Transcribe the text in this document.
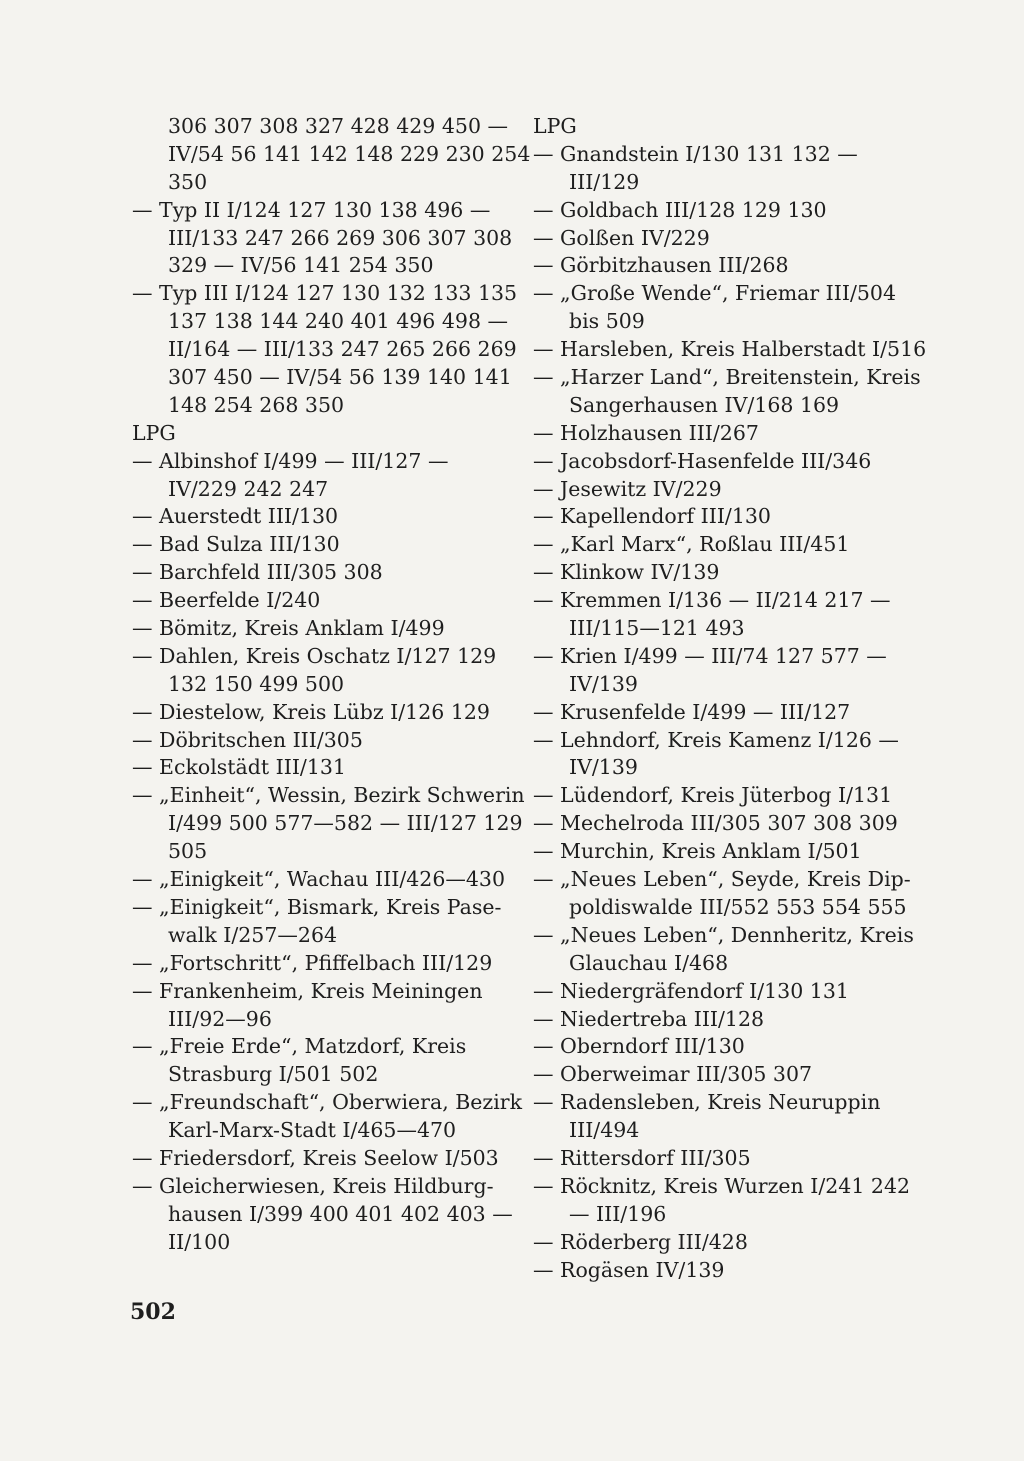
306 307 308 327 428 429 450 —
IV/54 56 141 142 148 229 230 254
350
— Typ II I/124 127 130 138 496 —
III/133 247 266 269 306 307 308
329 — IV/56 141 254 350
— Typ III I/124 127 130 132 133 135
137 138 144 240 401 496 498 —
II/164 — III/133 247 265 266 269
307 450 — IV/54 56 139 140 141
148 254 268 350
LPG
— Albinshof I/499 — III/127 —
IV/229 242 247
— Auerstedt III/130
— Bad Sulza III/130
— Barchfeld III/305 308
— Beerfelde I/240
— Bömitz, Kreis Anklam I/499
— Dahlen, Kreis Oschatz I/127 129
132 150 499 500
— Diestelow, Kreis Lübz I/126 129
— Döbritschen III/305
— Eckolstädt III/131
— „Einheit“, Wessin, Bezirk Schwerin
I/499 500 577—582 — III/127 129
505
— „Einigkeit“, Wachau III/426—430
— „Einigkeit“, Bismark, Kreis Pase-
walk I/257—264
— „Fortschritt“, Pfiffelbach III/129
— Frankenheim, Kreis Meiningen
III/92—96
— „Freie Erde“, Matzdorf, Kreis
Strasburg I/501 502
— „Freundschaft“, Oberwiera, Bezirk
Karl-Marx-Stadt I/465—470
— Friedersdorf, Kreis Seelow I/503
— Gleicherwiesen, Kreis Hildburg-
hausen I/399 400 401 402 403 —
II/100
LPG
— Gnandstein I/130 131 132 —
III/129
— Goldbach III/128 129 130
— Golßen IV/229
— Görbitzhausen III/268
— „Große Wende“, Friemar III/504
bis 509
— Harsleben, Kreis Halberstadt I/516
— „Harzer Land“, Breitenstein, Kreis
Sangerhausen IV/168 169
— Holzhausen III/267
— Jacobsdorf-Hasenfelde III/346
— Jesewitz IV/229
— Kapellendorf III/130
— „Karl Marx“, Roßlau III/451
— Klinkow IV/139
— Kremmen I/136 — II/214 217 —
III/115—121 493
— Krien I/499 — III/74 127 577 —
IV/139
— Krusenfelde I/499 — III/127
— Lehndorf, Kreis Kamenz I/126 —
IV/139
— Lüdendorf, Kreis Jüterbog I/131
— Mechelroda III/305 307 308 309
— Murchin, Kreis Anklam I/501
— „Neues Leben“, Seyde, Kreis Dip-
poldiswalde III/552 553 554 555
— „Neues Leben“, Dennheritz, Kreis
Glauchau I/468
— Niedergräfendorf I/130 131
— Niedertreba III/128
— Oberndorf III/130
— Oberweimar III/305 307
— Radensleben, Kreis Neuruppin
III/494
— Rittersdorf III/305
— Röcknitz, Kreis Wurzen I/241 242
— III/196
— Röderberg III/428
— Rogäsen IV/139
502
